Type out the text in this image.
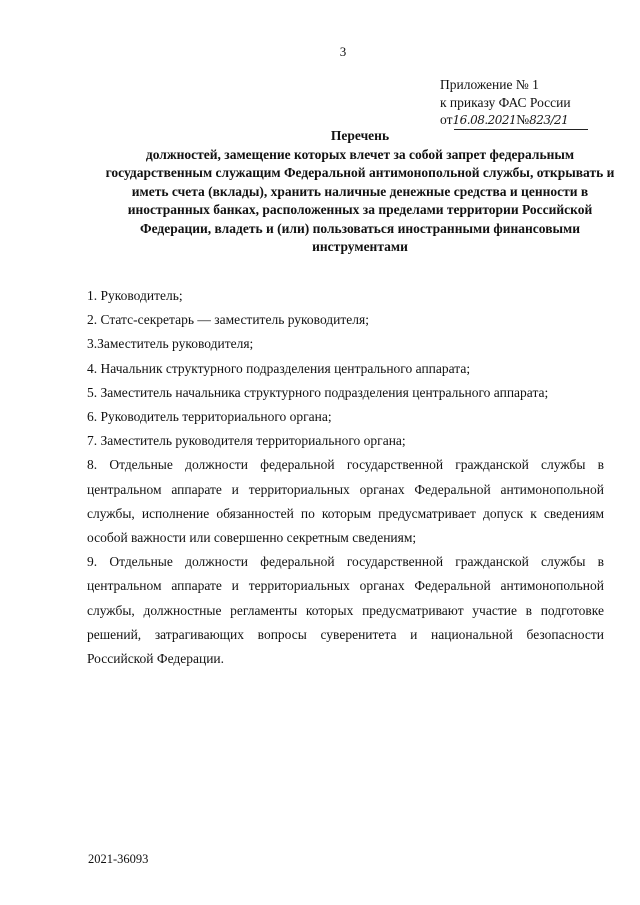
3
Приложение № 1
к приказу ФАС России
от16.08.2021№823/21
Перечень
должностей, замещение которых влечет за собой запрет федеральным государственным служащим Федеральной антимонопольной службы, открывать и иметь счета (вклады), хранить наличные денежные средства и ценности в иностранных банках, расположенных за пределами территории Российской Федерации, владеть и (или) пользоваться иностранными финансовыми инструментами

1. Руководитель;

2. Статс-секретарь — заместитель руководителя;

3.Заместитель руководителя;

4. Начальник структурного подразделения центрального аппарата;

5. Заместитель начальника структурного подразделения центрального аппарата;

6. Руководитель территориального органа;

7. Заместитель руководителя территориального органа;

8. Отдельные должности федеральной государственной гражданской службы в центральном аппарате и территориальных органах Федеральной антимонопольной службы, исполнение обязанностей по которым предусматривает допуск к сведениям особой важности или совершенно секретным сведениям;

9. Отдельные должности федеральной государственной гражданской службы в центральном аппарате и территориальных органах Федеральной антимонопольной службы, должностные регламенты которых предусматривают участие в подготовке решений, затрагивающих вопросы суверенитета и национальной безопасности Российской Федерации.

2021-36093
